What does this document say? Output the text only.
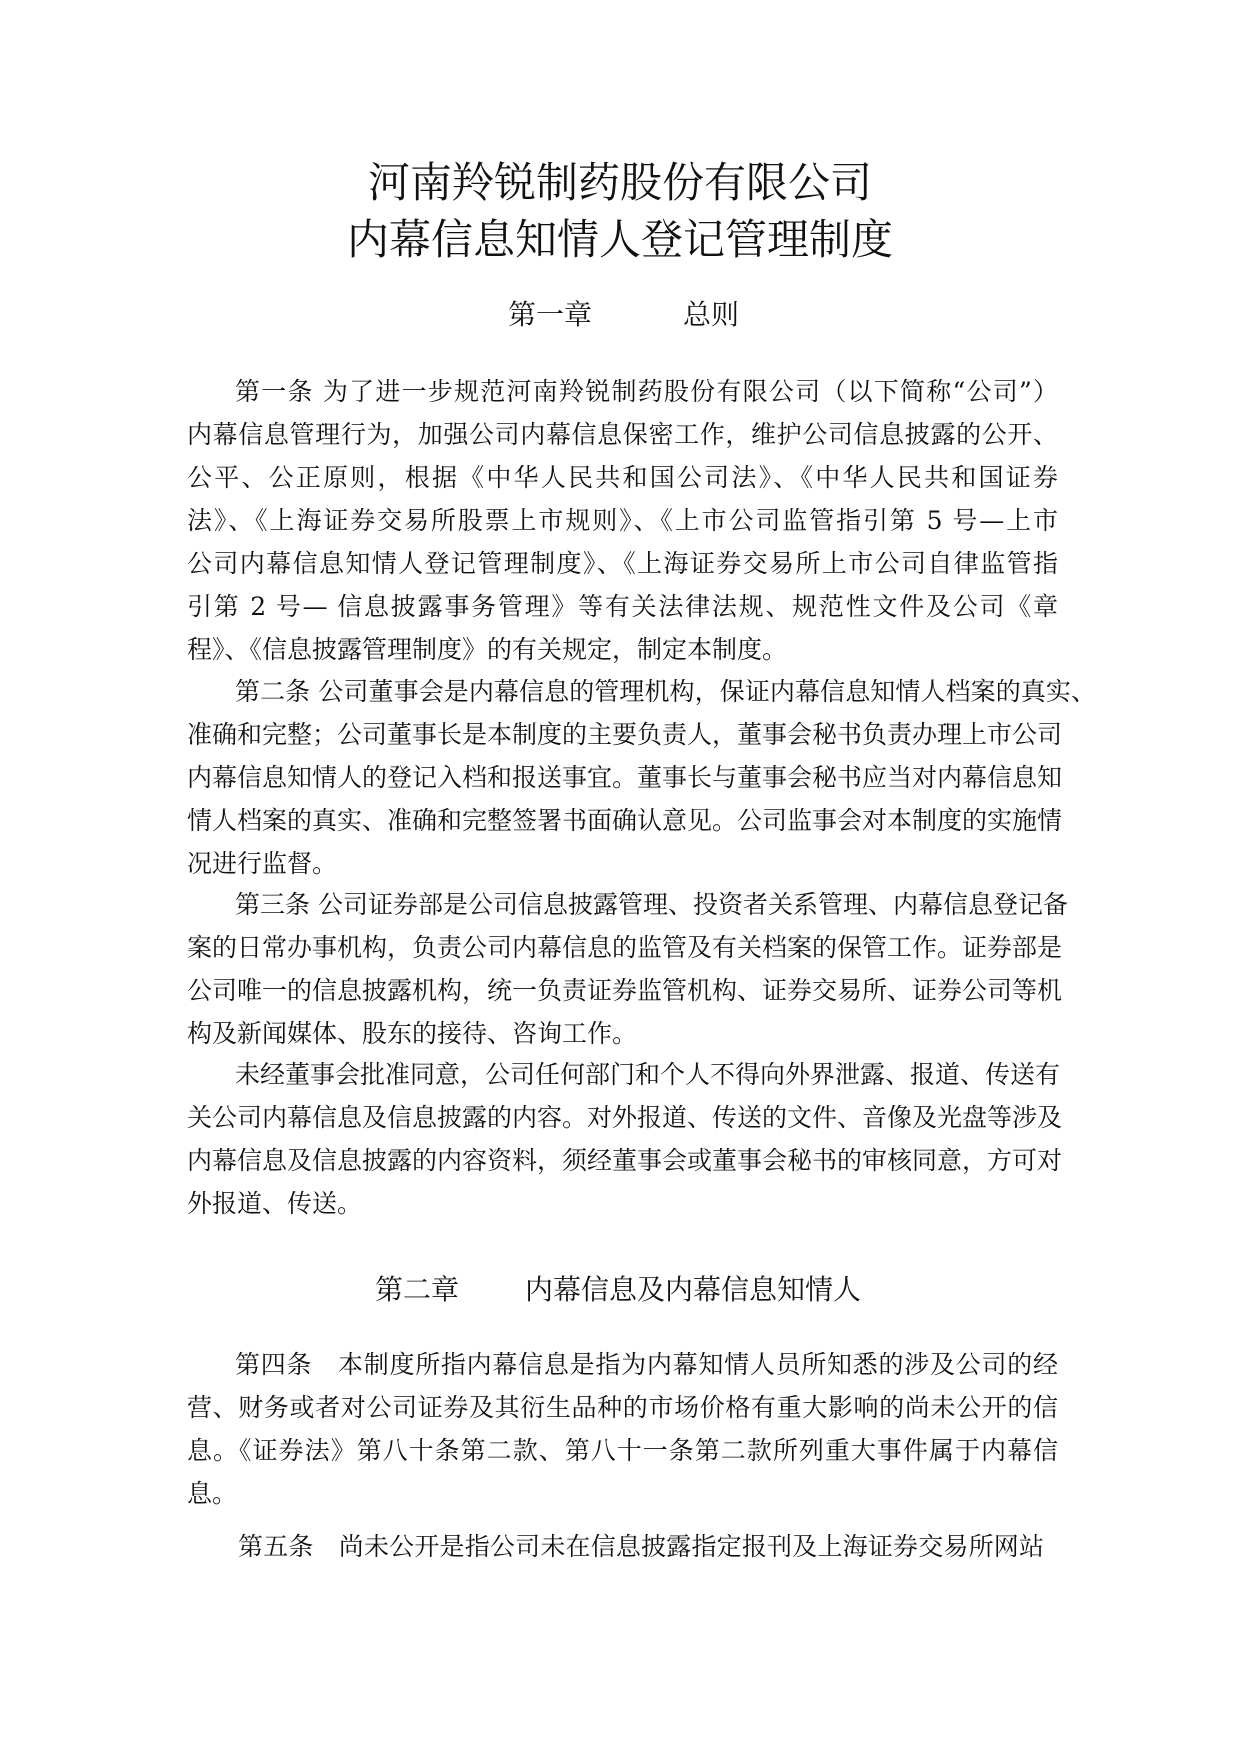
河南羚锐制药股份有限公司
内幕信息知情人登记管理制度
第一章	总则
第一条 为了进一步规范河南羚锐制药股份有限公司（以下简称“公司”）
内幕信息管理行为，加强公司内幕信息保密工作，维护公司信息披露的公开、
公平、公正原则，根据《中华人民共和国公司法》、《中华人民共和国证券
法》、《上海证券交易所股票上市规则》、《上市公司监管指引第 5 号—上市
公司内幕信息知情人登记管理制度》、《上海证券交易所上市公司自律监管指
引第 2 号— 信息披露事务管理》等有关法律法规、规范性文件及公司《章
程》、《信息披露管理制度》的有关规定，制定本制度。
第二条 公司董事会是内幕信息的管理机构，保证内幕信息知情人档案的真实、
准确和完整；公司董事长是本制度的主要负责人，董事会秘书负责办理上市公司
内幕信息知情人的登记入档和报送事宜。董事长与董事会秘书应当对内幕信息知
情人档案的真实、准确和完整签署书面确认意见。公司监事会对本制度的实施情
况进行监督。
第三条 公司证券部是公司信息披露管理、投资者关系管理、内幕信息登记备
案的日常办事机构，负责公司内幕信息的监管及有关档案的保管工作。证券部是
公司唯一的信息披露机构，统一负责证券监管机构、证券交易所、证券公司等机
构及新闻媒体、股东的接待、咨询工作。
未经董事会批准同意，公司任何部门和个人不得向外界泄露、报道、传送有
关公司内幕信息及信息披露的内容。对外报道、传送的文件、音像及光盘等涉及
内幕信息及信息披露的内容资料，须经董事会或董事会秘书的审核同意，方可对
外报道、传送。
第二章 内幕信息及内幕信息知情人
第四条　本制度所指内幕信息是指为内幕知情人员所知悉的涉及公司的经
营、财务或者对公司证券及其衍生品种的市场价格有重大影响的尚未公开的信
息。《证券法》第八十条第二款、第八十一条第二款所列重大事件属于内幕信
息。
第五条　尚未公开是指公司未在信息披露指定报刊及上海证券交易所网站
